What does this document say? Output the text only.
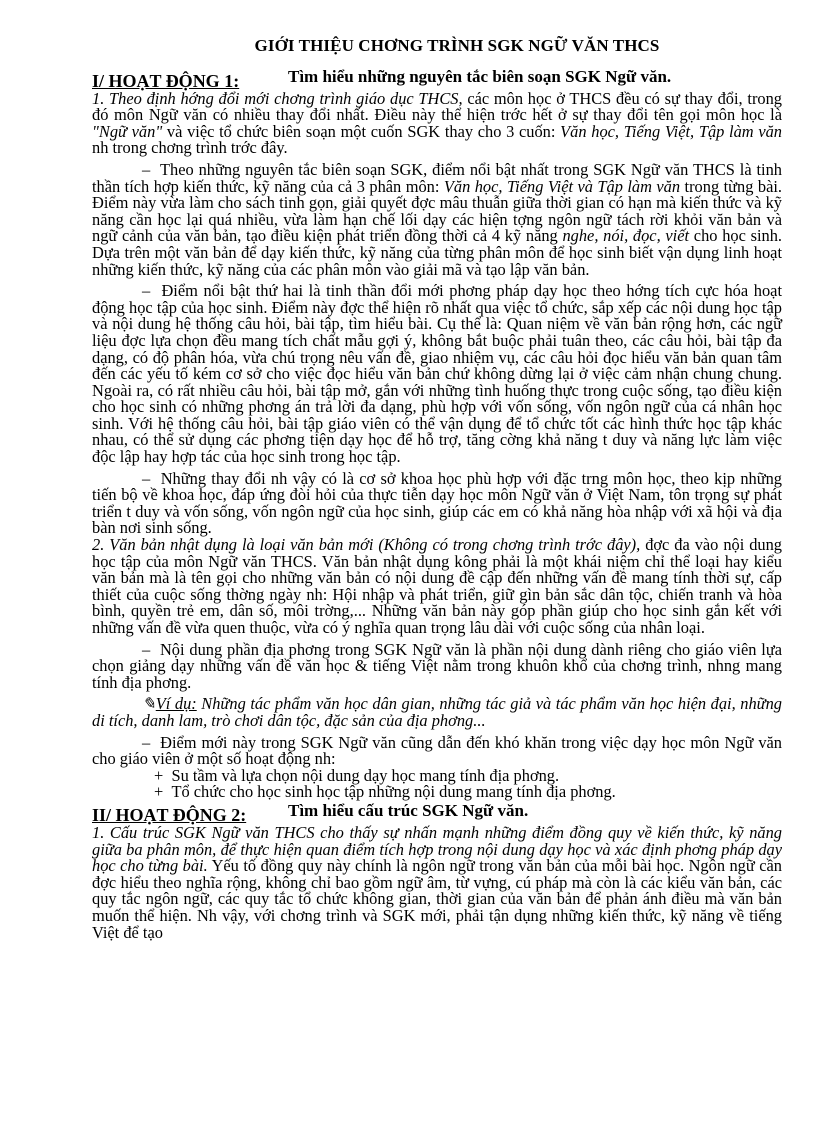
GIỚI THIỆU CHƠNG TRÌNH SGK NGỮ VĂN THCS
I/ HOẠT ĐỘNG 1:	Tìm hiểu những nguyên tắc biên soạn SGK Ngữ văn.

1. Theo định hớng đổi mới chơng trình giáo dục THCS, các môn học ở THCS đều có sự thay đổi, trong đó môn Ngữ văn có nhiều thay đổi nhất. Điều này thể hiện trớc hết ở sự thay đổi tên gọi môn học là "Ngữ văn" và việc tổ chức biên soạn một cuốn SGK thay cho 3 cuốn: Văn học, Tiếng Việt, Tập làm văn nh trong chơng trình trớc đây.

–  Theo những nguyên tắc biên soạn SGK, điểm nổi bật nhất trong SGK Ngữ văn THCS là tinh thần tích hợp kiến thức, kỹ năng của cả 3 phân môn: Văn học, Tiếng Việt và Tập làm văn trong từng bài. Điểm này vừa làm cho sách tinh gọn, giải quyết đợc mâu thuẫn giữa thời gian có hạn mà kiến thức và kỹ năng cần học lại quá nhiều, vừa làm hạn chế lối dạy các hiện tợng ngôn ngữ tách rời khỏi văn bản và ngữ cảnh của văn bản, tạo điều kiện phát triển đồng thời cả 4 kỹ năng nghe, nói, đọc, viết cho học sinh. Dựa trên một văn bản để dạy kiến thức, kỹ năng của từng phân môn để học sinh biết vận dụng linh hoạt những kiến thức, kỹ năng của các phân môn vào giải mã và tạo lập văn bản.

–  Điểm nổi bật thứ hai là tinh thần đổi mới phơng pháp dạy học theo hớng tích cực hóa hoạt động học tập của học sinh. Điểm này đợc thể hiện rõ nhất qua việc tổ chức, sắp xếp các nội dung học tập và nội dung hệ thống câu hỏi, bài tập, tìm hiểu bài. Cụ thể là: Quan niệm về văn bản rộng hơn, các ngữ liệu đợc lựa chọn đều mang tích chất mẫu gợi ý, không bắt buộc phải tuân theo, các câu hỏi, bài tập đa dạng, có độ phân hóa, vừa chú trọng nêu vấn đề, giao nhiệm vụ, các câu hỏi đọc hiểu văn bản quan tâm đến các yếu tố kém cơ sở cho việc đọc hiểu văn bản chứ không dừng lại ở việc cảm nhận chung chung. Ngoài ra, có rất nhiều câu hỏi, bài tập mở, gắn với những tình huống thực trong cuộc sống, tạo điều kiện cho học sinh có những phơng án trả lời đa dạng, phù hợp với vốn sống, vốn ngôn ngữ của cá nhân học sinh. Với hệ thống câu hỏi, bài tập giáo viên có thể vận dụng để tổ chức tốt các hình thức học tập khác nhau, có thể sử dụng các phơng tiện dạy học để hỗ trợ, tăng cờng khả năng t duy và năng lực làm việc độc lập hay hợp tác của học sinh trong học tập.

–  Những thay đổi nh vậy có là cơ sở khoa học phù hợp với đặc trng môn học, theo kịp những tiến bộ về khoa học, đáp ứng đòi hỏi của thực tiễn dạy học môn Ngữ văn ở Việt Nam, tôn trọng sự phát triển t duy và vốn sống, vốn ngôn ngữ của học sinh, giúp các em có khả năng hòa nhập với xã hội và địa bàn nơi sinh sống.

2. Văn bản nhật dụng là loại văn bản mới (Không có trong chơng trình trớc đây), đợc đa vào nội dung học tập của môn Ngữ văn THCS. Văn bản nhật dụng kông phải là một khái niệm chỉ thể loại hay kiểu văn bản mà là tên gọi cho những văn bản có nội dung đề cập đến những vấn đề mang tính thời sự, cấp thiết của cuộc sống thờng ngày nh: Hội nhập và phát triển, giữ gìn bản sắc dân tộc, chiến tranh và hòa bình, quyền trẻ em, dân số, môi trờng,... Những văn bản này góp phần giúp cho học sinh gắn kết với những vấn đề vừa quen thuộc, vừa có ý nghĩa quan trọng lâu dài với cuộc sống của nhân loại.

–  Nội dung phần địa phơng trong SGK Ngữ văn là phần nội dung dành riêng cho giáo viên lựa chọn giảng dạy những vấn đề văn học & tiếng Việt nằm trong khuôn khổ của chơng trình, nhng mang tính địa phơng.

✎Ví dụ: Những tác phẩm văn học dân gian, những tác giả và tác phẩm văn học hiện đại, những di tích, danh lam, trò chơi dân tộc, đặc sản của địa phơng...

–  Điểm mới này trong SGK Ngữ văn cũng dẫn đến khó khăn trong việc dạy học môn Ngữ văn cho giáo viên ở một số hoạt động nh:

+  Su tầm và lựa chọn nội dung dạy học mang tính địa phơng.

+  Tổ chức cho học sinh học tập những nội dung mang tính địa phơng.

II/ HOẠT ĐỘNG 2: Tìm hiểu cấu trúc SGK Ngữ văn.

1. Cấu trúc SGK Ngữ văn THCS cho thấy sự nhấn mạnh những điểm đồng quy về kiến thức, kỹ năng giữa ba phân môn, để thực hiện quan điểm tích hợp trong nội dung dạy học và xác định phơng pháp dạy học cho từng bài. Yếu tố đồng quy này chính là ngôn ngữ trong văn bản của mỗi bài học. Ngôn ngữ cần đợc hiểu theo nghĩa rộng, không chỉ bao gồm ngữ âm, từ vựng, cú pháp mà còn là các kiểu văn bản, các quy tắc ngôn ngữ, các quy tắc tổ chức không gian, thời gian của văn bản để phản ánh điều mà văn bản muốn thể hiện. Nh vậy, với chơng trình và SGK mới, phải tận dụng những kiến thức, kỹ năng về tiếng Việt để tạo
